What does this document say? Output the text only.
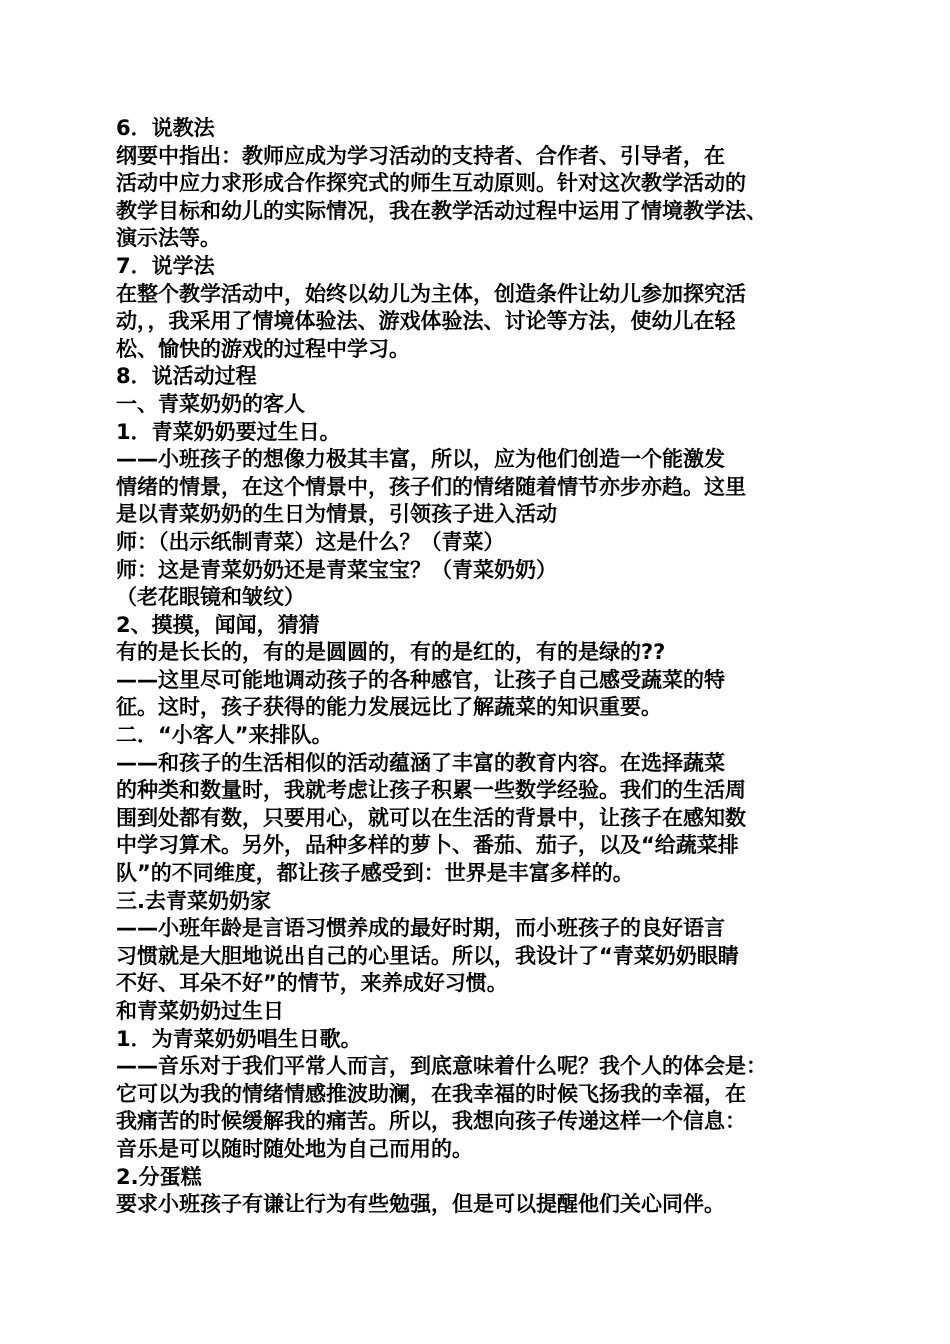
6．说教法
纲要中指出：教师应成为学习活动的支持者、合作者、引导者，在
活动中应力求形成合作探究式的师生互动原则。针对这次教学活动的
教学目标和幼儿的实际情况，我在教学活动过程中运用了情境教学法、
演示法等。
7．说学法
在整个教学活动中，始终以幼儿为主体，创造条件让幼儿参加探究活
动，，我采用了情境体验法、游戏体验法、讨论等方法，使幼儿在轻
松、愉快的游戏的过程中学习。
8．说活动过程
一、青菜奶奶的客人
1．青菜奶奶要过生日。
——小班孩子的想像力极其丰富，所以，应为他们创造一个能激发
情绪的情景，在这个情景中，孩子们的情绪随着情节亦步亦趋。这里
是以青菜奶奶的生日为情景，引领孩子进入活动
师：（出示纸制青菜）这是什么？（青菜）
师：这是青菜奶奶还是青菜宝宝？（青菜奶奶）
（老花眼镜和皱纹）
2、摸摸，闻闻，猜猜
有的是长长的，有的是圆圆的，有的是红的，有的是绿的??
——这里尽可能地调动孩子的各种感官，让孩子自己感受蔬菜的特
征。这时，孩子获得的能力发展远比了解蔬菜的知识重要。
二．“小客人”来排队。
——和孩子的生活相似的活动蕴涵了丰富的教育内容。在选择蔬菜
的种类和数量时，我就考虑让孩子积累一些数学经验。我们的生活周
围到处都有数，只要用心，就可以在生活的背景中，让孩子在感知数
中学习算术。另外，品种多样的萝卜、番茄、茄子，以及“给蔬菜排
队”的不同维度，都让孩子感受到：世界是丰富多样的。
三.去青菜奶奶家
——小班年龄是言语习惯养成的最好时期，而小班孩子的良好语言
习惯就是大胆地说出自己的心里话。所以，我设计了“青菜奶奶眼睛
不好、耳朵不好”的情节，来养成好习惯。
和青菜奶奶过生日
1．为青菜奶奶唱生日歌。
——音乐对于我们平常人而言，到底意味着什么呢？我个人的体会是：
它可以为我的情绪情感推波助澜，在我幸福的时候飞扬我的幸福，在
我痛苦的时候缓解我的痛苦。所以，我想向孩子传递这样一个信息：
音乐是可以随时随处地为自己而用的。
2.分蛋糕
要求小班孩子有谦让行为有些勉强，但是可以提醒他们关心同伴。
